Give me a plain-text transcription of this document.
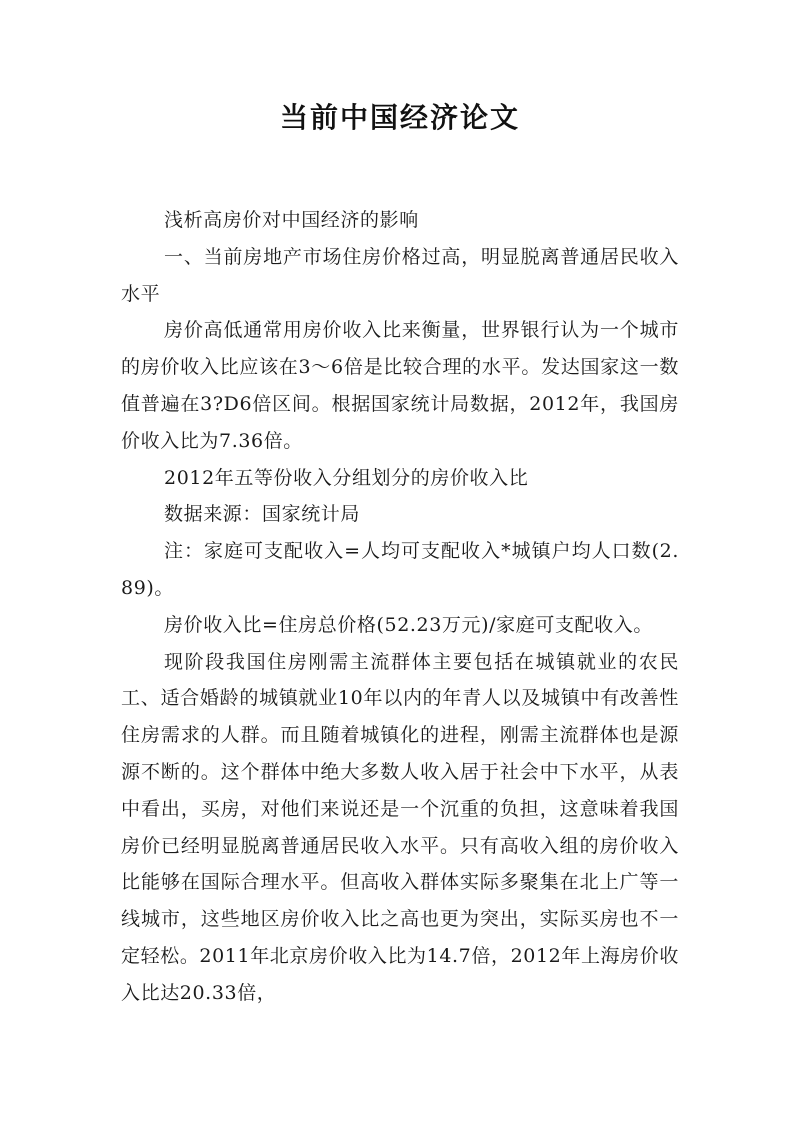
当前中国经济论文

浅析高房价对中国经济的影响

一、当前房地产市场住房价格过高，明显脱离普通居民收入水平

房价高低通常用房价收入比来衡量，世界银行认为一个城市的房价收入比应该在3～6倍是比较合理的水平。发达国家这一数值普遍在3?D6倍区间。根据国家统计局数据，2012年，我国房价收入比为7.36倍。

2012年五等份收入分组划分的房价收入比

数据来源：国家统计局

注：家庭可支配收入=人均可支配收入*城镇户均人口数(2.89)。

房价收入比=住房总价格(52.23万元)/家庭可支配收入。

现阶段我国住房刚需主流群体主要包括在城镇就业的农民工、适合婚龄的城镇就业10年以内的年青人以及城镇中有改善性住房需求的人群。而且随着城镇化的进程，刚需主流群体也是源源不断的。这个群体中绝大多数人收入居于社会中下水平，从表中看出，买房，对他们来说还是一个沉重的负担，这意味着我国房价已经明显脱离普通居民收入水平。只有高收入组的房价收入比能够在国际合理水平。但高收入群体实际多聚集在北上广等一线城市，这些地区房价收入比之高也更为突出，实际买房也不一定轻松。2011年北京房价收入比为14.7倍，2012年上海房价收入比达20.33倍，
